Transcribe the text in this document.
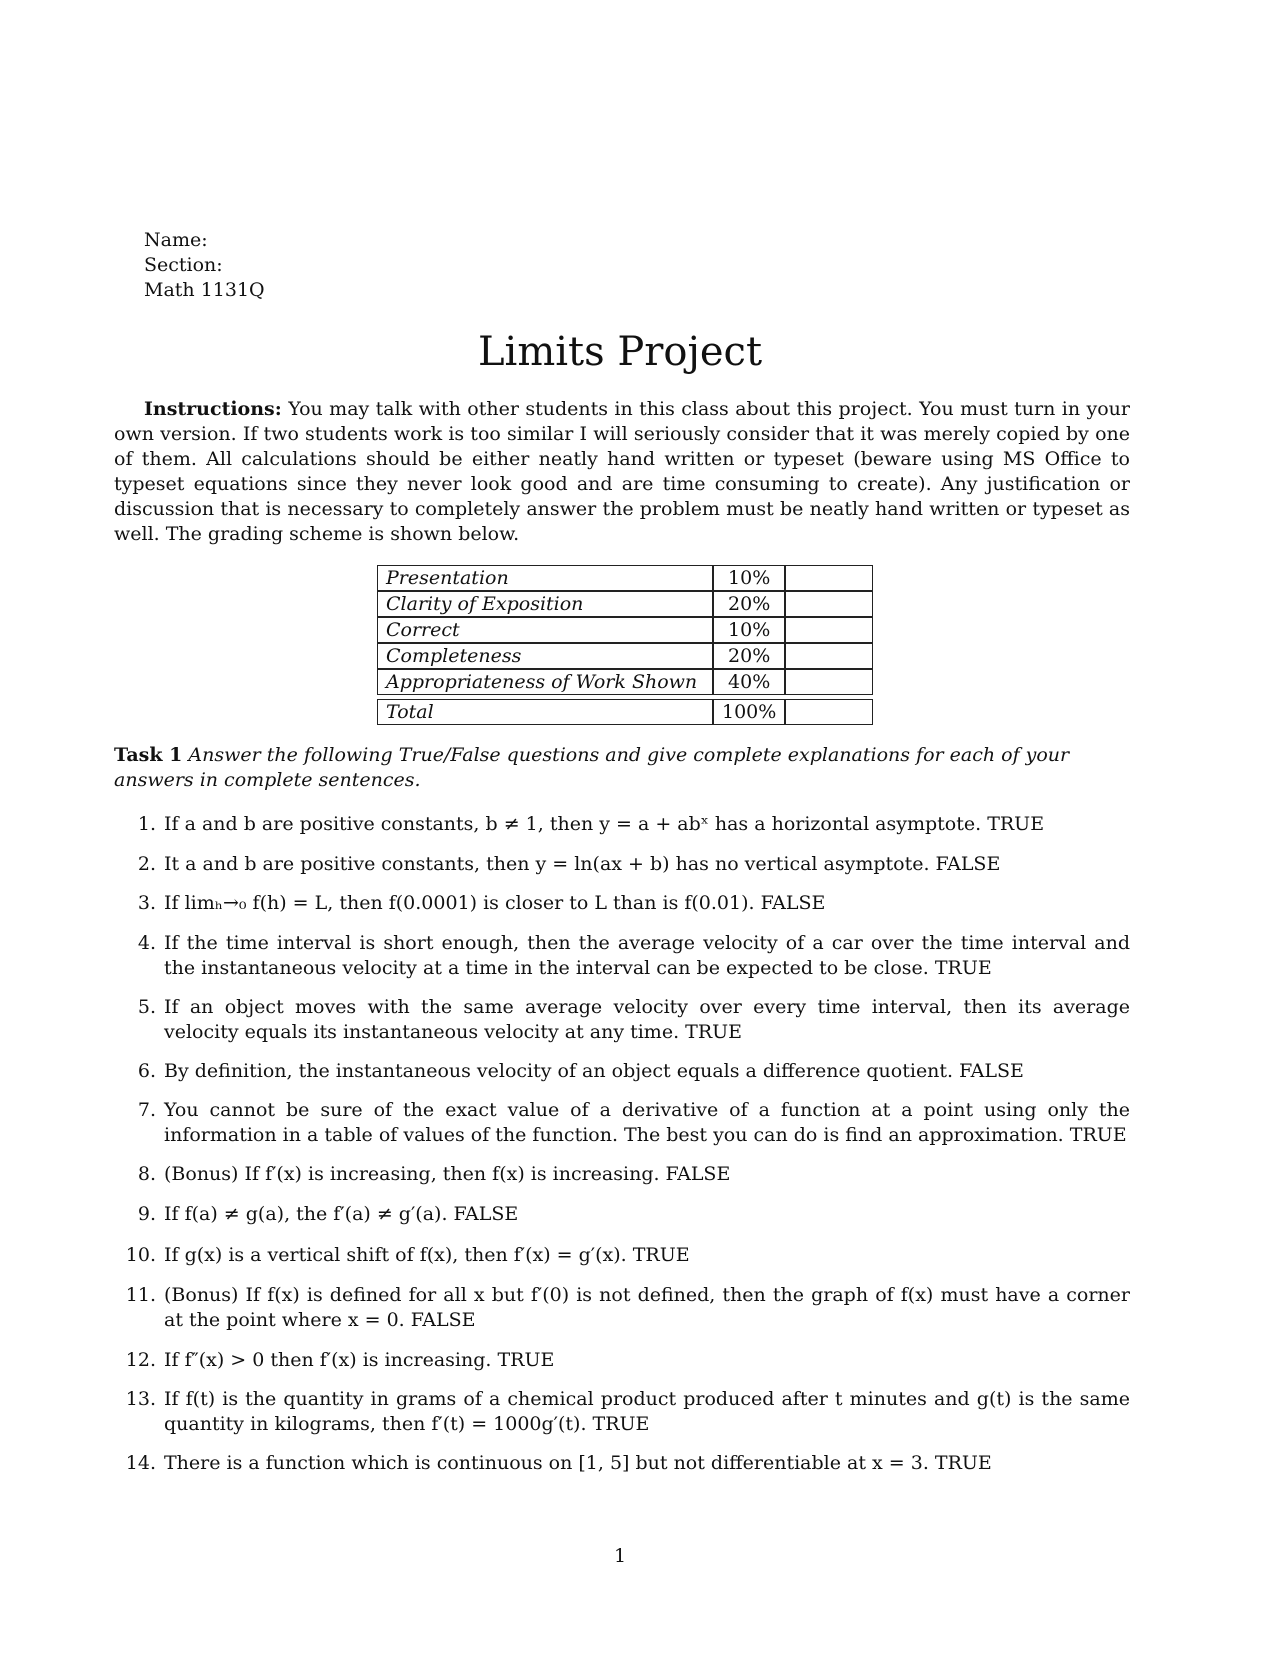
Name:
Section:
Math 1131Q
Limits Project

Instructions: You may talk with other students in this class about this project. You must turn in your own version. If two students work is too similar I will seriously consider that it was merely copied by one of them. All calculations should be either neatly hand written or typeset (beware using MS Office to typeset equations since they never look good and are time consuming to create). Any justification or discussion that is necessary to completely answer the problem must be neatly hand written or typeset as well. The grading scheme is shown below.

Presentation	10%	
Clarity of Exposition	20%	
Correct	10%	
Completeness	20%	
Appropriateness of Work Shown	40%	

Total	100%	

Task 1 Answer the following True/False questions and give complete explanations for each of your answers in complete sentences.

1. If a and b are positive constants, b ≠ 1, then y = a + abˣ has a horizontal asymptote. TRUE
2. It a and b are positive constants, then y = ln(ax + b) has no vertical asymptote. FALSE
3. If limₕ→₀ f(h) = L, then f(0.0001) is closer to L than is f(0.01). FALSE
4. If the time interval is short enough, then the average velocity of a car over the time interval and the instantaneous velocity at a time in the interval can be expected to be close. TRUE
5. If an object moves with the same average velocity over every time interval, then its average velocity equals its instantaneous velocity at any time. TRUE
6. By definition, the instantaneous velocity of an object equals a difference quotient. FALSE
7. You cannot be sure of the exact value of a derivative of a function at a point using only the information in a table of values of the function. The best you can do is find an approximation. TRUE
8. (Bonus) If f′(x) is increasing, then f(x) is increasing. FALSE
9. If f(a) ≠ g(a), the f′(a) ≠ g′(a). FALSE
10. If g(x) is a vertical shift of f(x), then f′(x) = g′(x). TRUE
11. (Bonus) If f(x) is defined for all x but f′(0) is not defined, then the graph of f(x) must have a corner at the point where x = 0. FALSE
12. If f″(x) > 0 then f′(x) is increasing. TRUE
13. If f(t) is the quantity in grams of a chemical product produced after t minutes and g(t) is the same quantity in kilograms, then f′(t) = 1000g′(t). TRUE
14. There is a function which is continuous on [1, 5] but not differentiable at x = 3. TRUE
1
